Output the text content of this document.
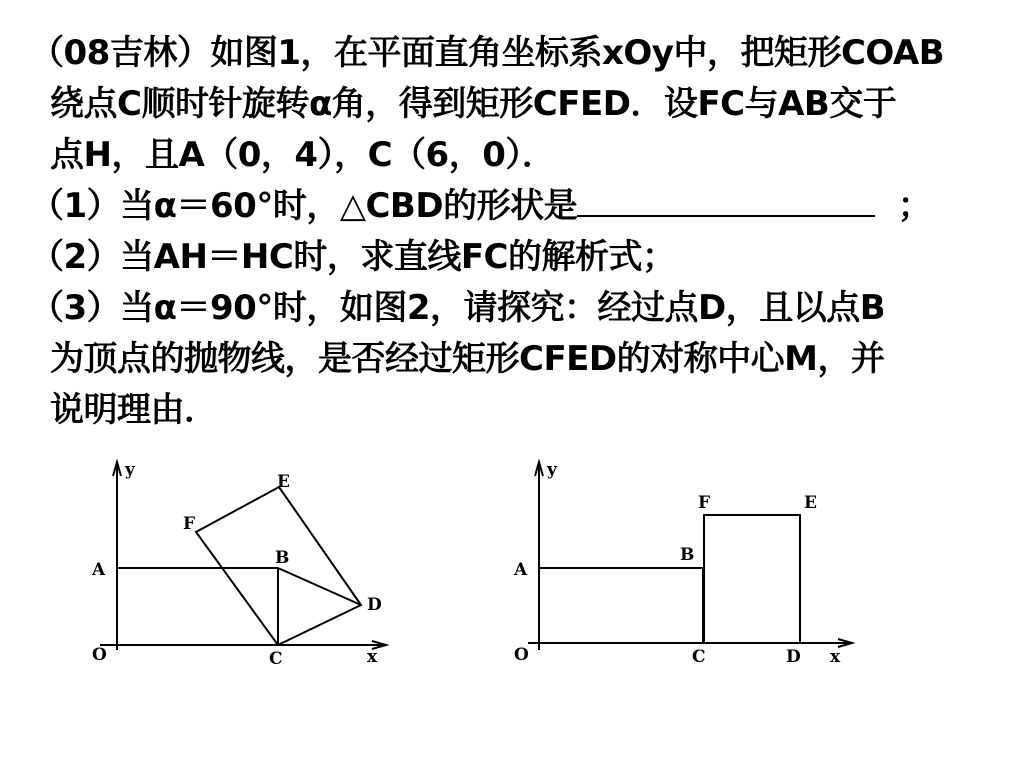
（08吉林）如图1，在平面直角坐标系xOy中，把矩形COAB
绕点C顺时针旋转α角，得到矩形CFED．设FC与AB交于
点H，且A（0，4），C（6，0）．
（1）当α＝60°时，△CBD的形状是	；
（2）当AH＝HC时，求直线FC的解析式；
（3）当α＝90°时，如图2，请探究：经过点D，且以点B
为顶点的抛物线，是否经过矩形CFED的对称中心M，并
说明理由．
y
A
O
F
E
B
D
C	x
y
A
O
F	E
B
C	D x
